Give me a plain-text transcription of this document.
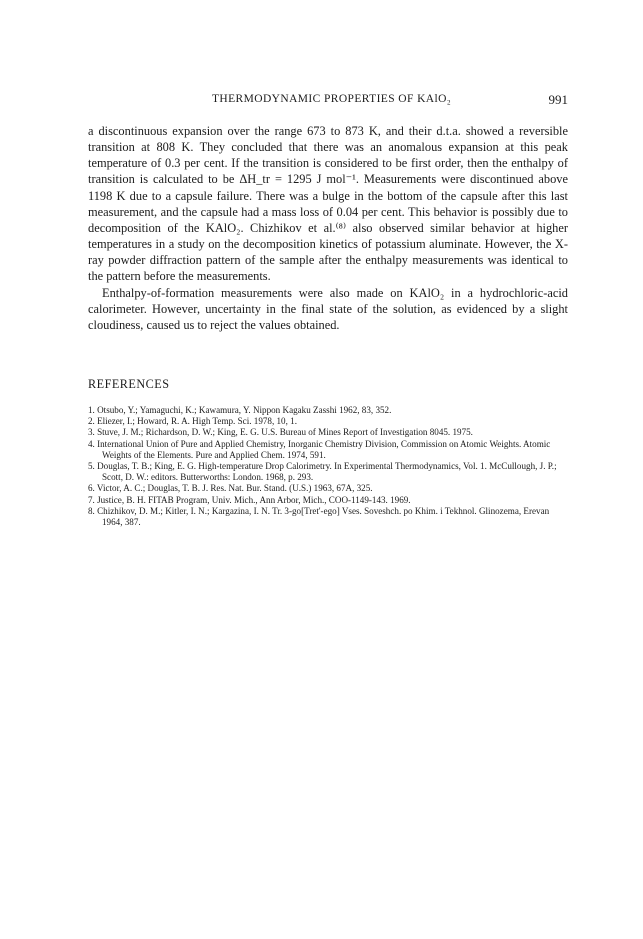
THERMODYNAMIC PROPERTIES OF KAlO₂	991

a discontinuous expansion over the range 673 to 873 K, and their d.t.a. showed a reversible transition at 808 K. They concluded that there was an anomalous expansion at this peak temperature of 0.3 per cent. If the transition is considered to be first order, then the enthalpy of transition is calculated to be ΔH_tr = 1295 J mol⁻¹. Measurements were discontinued above 1198 K due to a capsule failure. There was a bulge in the bottom of the capsule after this last measurement, and the capsule had a mass loss of 0.04 per cent. This behavior is possibly due to decomposition of the KAlO₂. Chizhikov et al.⁽⁸⁾ also observed similar behavior at higher temperatures in a study on the decomposition kinetics of potassium aluminate. However, the X-ray powder diffraction pattern of the sample after the enthalpy measurements was identical to the pattern before the measurements.

Enthalpy-of-formation measurements were also made on KAlO₂ in a hydrochloric-acid calorimeter. However, uncertainty in the final state of the solution, as evidenced by a slight cloudiness, caused us to reject the values obtained.

REFERENCES
1. Otsubo, Y.; Yamaguchi, K.; Kawamura, Y. Nippon Kagaku Zasshi 1962, 83, 352.
2. Eliezer, I.; Howard, R. A. High Temp. Sci. 1978, 10, 1.
3. Stuve, J. M.; Richardson, D. W.; King, E. G. U.S. Bureau of Mines Report of Investigation 8045. 1975.
4. International Union of Pure and Applied Chemistry, Inorganic Chemistry Division, Commission on Atomic Weights. Atomic Weights of the Elements. Pure and Applied Chem. 1974, 591.
5. Douglas, T. B.; King, E. G. High-temperature Drop Calorimetry. In Experimental Thermodynamics, Vol. 1. McCullough, J. P.; Scott, D. W.: editors. Butterworths: London. 1968, p. 293.
6. Victor, A. C.; Douglas, T. B. J. Res. Nat. Bur. Stand. (U.S.) 1963, 67A, 325.
7. Justice, B. H. FITAB Program, Univ. Mich., Ann Arbor, Mich., COO-1149-143. 1969.
8. Chizhikov, D. M.; Kitler, I. N.; Kargazina, I. N. Tr. 3-go[Tret'-ego] Vses. Soveshch. po Khim. i Tekhnol. Glinozema, Erevan 1964, 387.
